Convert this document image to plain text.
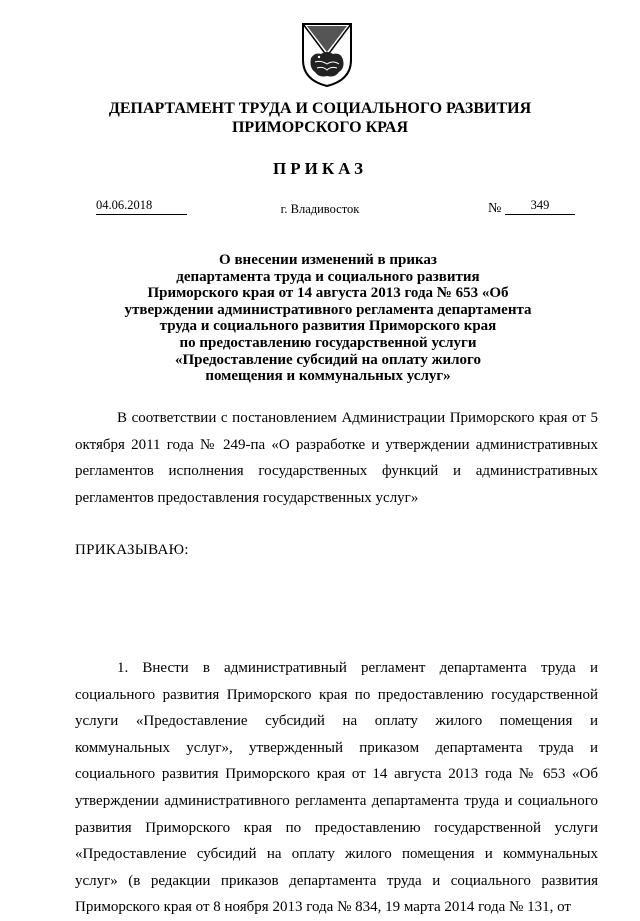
ДЕПАРТАМЕНТ ТРУДА И СОЦИАЛЬНОГО РАЗВИТИЯ
ПРИМОРСКОГО КРАЯ
ПРИКАЗ
04.06.2018	г. Владивосток	№	349
О внесении изменений в приказ
департамента труда и социального развития
Приморского края от 14 августа 2013 года № 653 «Об
утверждении административного регламента департамента
труда и социального развития Приморского края
по предоставлению государственной услуги
«Предоставление субсидий на оплату жилого
помещения и коммунальных услуг»
В соответствии с постановлением Администрации Приморского края от 5 октября 2011 года № 249-па «О разработке и утверждении административных регламентов исполнения государственных функций и административных регламентов предоставления государственных услуг»
ПРИКАЗЫВАЮ:
1. Внести в административный регламент департамента труда и социального развития Приморского края по предоставлению государственной услуги «Предоставление субсидий на оплату жилого помещения и коммунальных услуг», утвержденный приказом департамента труда и социального развития Приморского края от 14 августа 2013 года № 653 «Об утверждении административного регламента департамента труда и социального развития Приморского края по предоставлению государственной услуги «Предоставление субсидий на оплату жилого помещения и коммунальных услуг» (в редакции приказов департамента труда и социального развития Приморского края от 8 ноября 2013 года № 834, 19 марта 2014 года № 131, от
